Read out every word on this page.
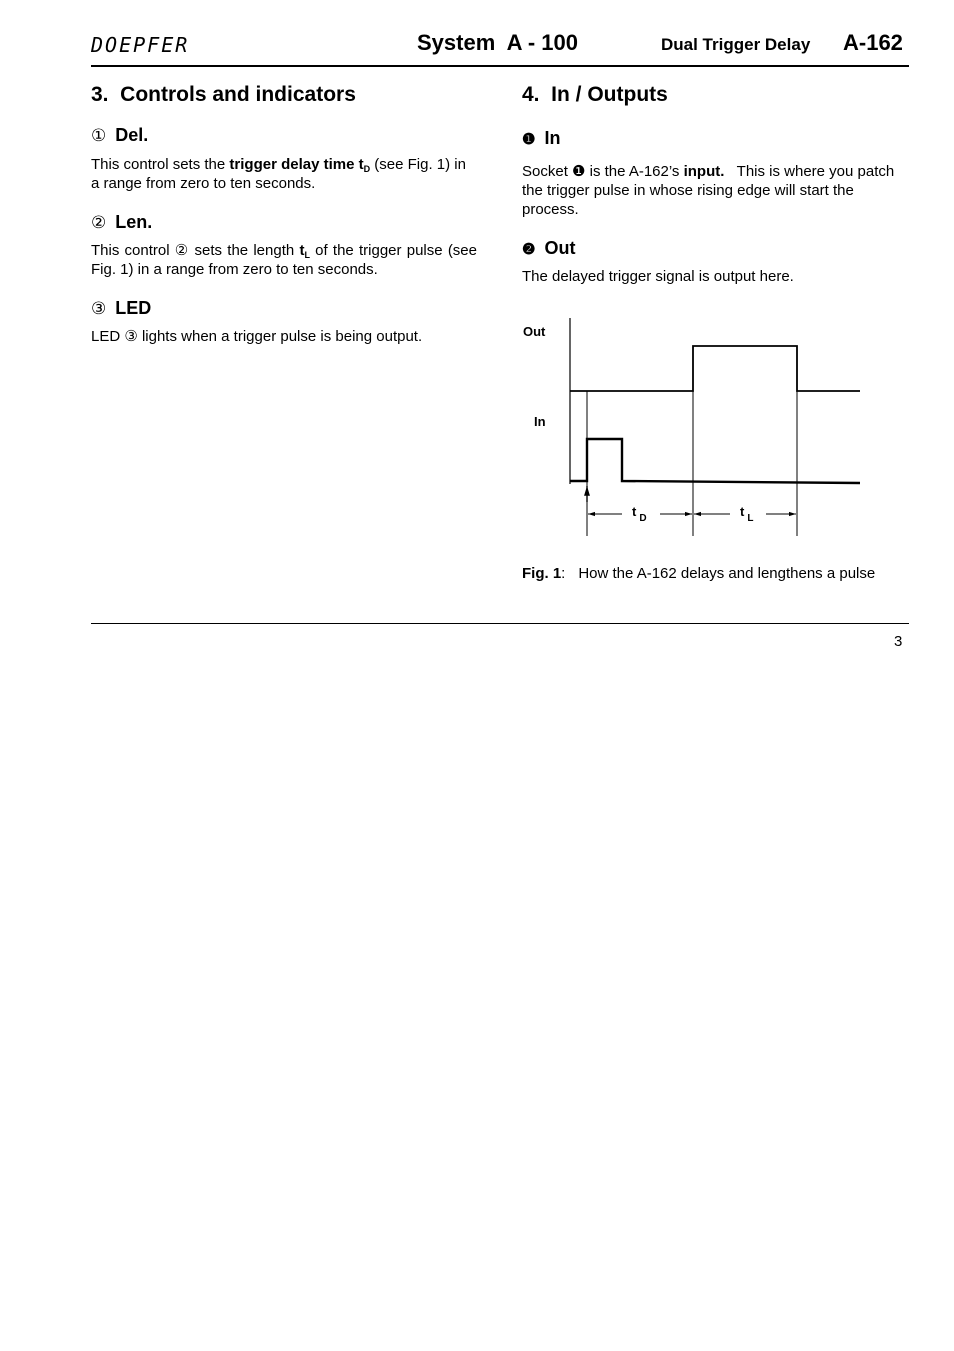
DOEPFER	System  A - 100	Dual Trigger Delay A-162
3.  Controls and indicators
① Del.

This control sets the trigger delay time $t_D$ (see Fig. 1) in a range from zero to ten seconds.

② Len.

This control ② sets the length $t_L$ of the trigger pulse (see Fig. 1) in a range from zero to ten seconds.

③ LED

LED ③ lights when a trigger pulse is being output.

4.  In / Outputs
❶ In

Socket ❶ is the A-162’s input.   This is where you patch the trigger pulse in whose rising edge will start the process.

❷ Out

The delayed trigger signal is output here.

Out
In
t $_D$	t $_L$

Fig. 1: How the A-162 delays and lengthens a pulse

3
